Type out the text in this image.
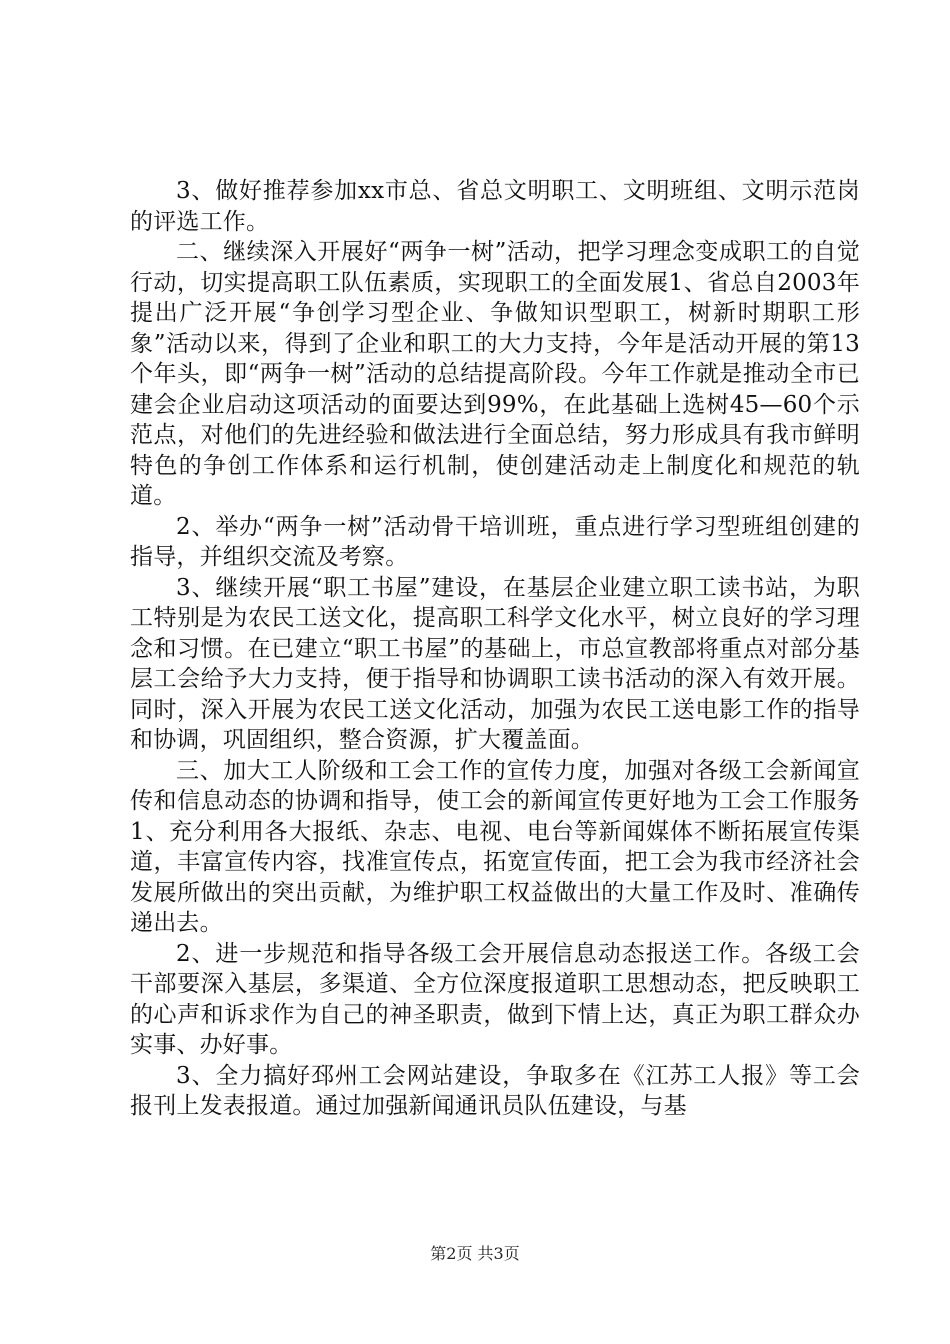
3、做好推荐参加xx市总、省总文明职工、文明班组、文明示范岗的评选工作。

二、继续深入开展好“两争一树”活动，把学习理念变成职工的自觉行动，切实提高职工队伍素质，实现职工的全面发展1、省总自2003年提出广泛开展“争创学习型企业、争做知识型职工，树新时期职工形象”活动以来，得到了企业和职工的大力支持，今年是活动开展的第13个年头，即“两争一树”活动的总结提高阶段。今年工作就是推动全市已建会企业启动这项活动的面要达到99%，在此基础上选树45—60个示范点，对他们的先进经验和做法进行全面总结，努力形成具有我市鲜明特色的争创工作体系和运行机制，使创建活动走上制度化和规范的轨道。

2、举办“两争一树”活动骨干培训班，重点进行学习型班组创建的指导，并组织交流及考察。

3、继续开展“职工书屋”建设，在基层企业建立职工读书站，为职工特别是为农民工送文化，提高职工科学文化水平，树立良好的学习理念和习惯。在已建立“职工书屋”的基础上，市总宣教部将重点对部分基层工会给予大力支持，便于指导和协调职工读书活动的深入有效开展。同时，深入开展为农民工送文化活动，加强为农民工送电影工作的指导和协调，巩固组织，整合资源，扩大覆盖面。

三、加大工人阶级和工会工作的宣传力度，加强对各级工会新闻宣传和信息动态的协调和指导，使工会的新闻宣传更好地为工会工作服务1、充分利用各大报纸、杂志、电视、电台等新闻媒体不断拓展宣传渠道，丰富宣传内容，找准宣传点，拓宽宣传面，把工会为我市经济社会发展所做出的突出贡献，为维护职工权益做出的大量工作及时、准确传递出去。

2、进一步规范和指导各级工会开展信息动态报送工作。各级工会干部要深入基层，多渠道、全方位深度报道职工思想动态，把反映职工的心声和诉求作为自己的神圣职责，做到下情上达，真正为职工群众办实事、办好事。

3、全力搞好邳州工会网站建设，争取多在《江苏工人报》等工会报刊上发表报道。通过加强新闻通讯员队伍建设，与基

第2页 共3页
